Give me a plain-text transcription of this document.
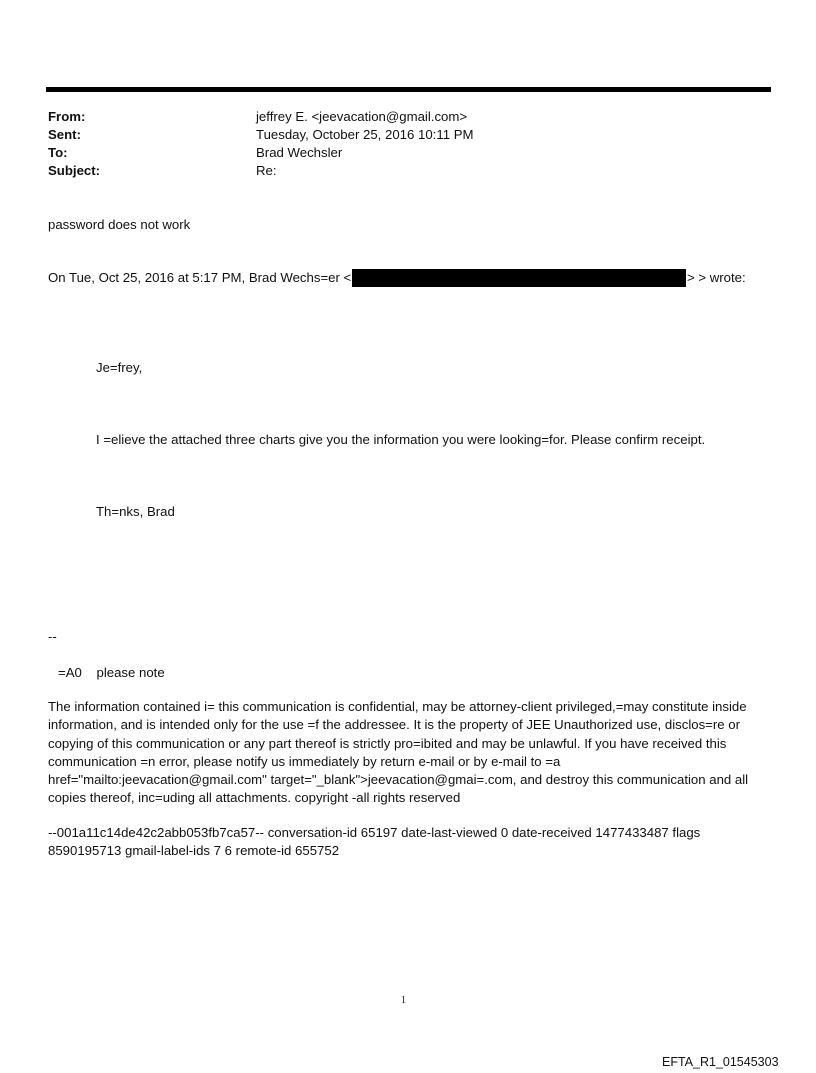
From:	jeffrey E. <jeevacation@gmail.com>
Sent:	Tuesday, October 25, 2016 10:11 PM
To:	Brad Wechsler
Subject:	Re:
password does not work
On Tue, Oct 25, 2016 at 5:17 PM, Brad Wechs=er <	> > wrote:
Je=frey,
I =elieve the attached three charts give you the information you were looking=for. Please confirm receipt.
Th=nks, Brad
--
=A0    please note
The information contained i= this communication is confidential, may be attorney-client privileged,=may constitute inside information, and is intended only for the use =f the addressee. It is the property of JEE Unauthorized use, disclos=re or copying of this communication or any part thereof is strictly pro=ibited and may be unlawful. If you have received this communication =n error, please notify us immediately by return e-mail or by e-mail to =a href="mailto:jeevacation@gmail.com" target="_blank">jeevacation@gmai=.com, and destroy this communication and all copies thereof, inc=uding all attachments. copyright -all rights reserved
--001a11c14de42c2abb053fb7ca57-- conversation-id 65197 date-last-viewed 0 date-received 1477433487 flags 8590195713 gmail-label-ids 7 6 remote-id 655752
1
EFTA_R1_01545303
